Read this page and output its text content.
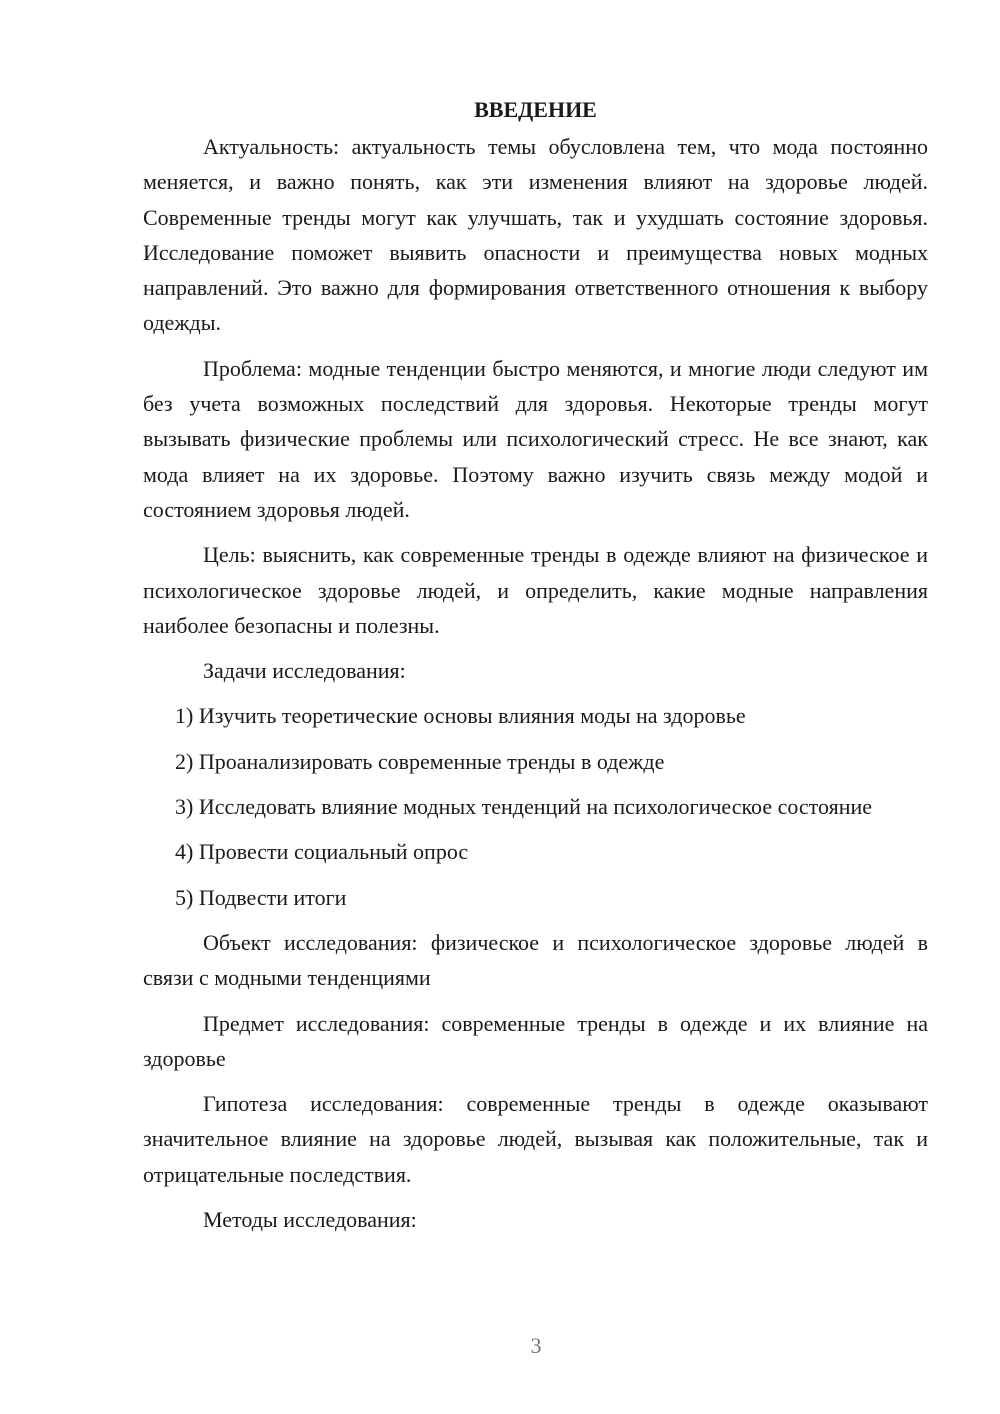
ВВЕДЕНИЕ

Актуальность: актуальность темы обусловлена тем, что мода постоянно меняется, и важно понять, как эти изменения влияют на здоровье людей. Современные тренды могут как улучшать, так и ухудшать состояние здоровья. Исследование поможет выявить опасности и преимущества новых модных направлений. Это важно для формирования ответственного отношения к выбору одежды.

Проблема: модные тенденции быстро меняются, и многие люди следуют им без учета возможных последствий для здоровья. Некоторые тренды могут вызывать физические проблемы или психологический стресс. Не все знают, как мода влияет на их здоровье. Поэтому важно изучить связь между модой и состоянием здоровья людей.

Цель: выяснить, как современные тренды в одежде влияют на физическое и психологическое здоровье людей, и определить, какие модные направления наиболее безопасны и полезны.

Задачи исследования:

1) Изучить теоретические основы влияния моды на здоровье

2) Проанализировать современные тренды в одежде

3) Исследовать влияние модных тенденций на психологическое состояние

4) Провести социальный опрос

5) Подвести итоги

Объект исследования: физическое и психологическое здоровье людей в связи с модными тенденциями

Предмет исследования: современные тренды в одежде и их влияние на здоровье

Гипотеза исследования: современные тренды в одежде оказывают значительное влияние на здоровье людей, вызывая как положительные, так и отрицательные последствия.

Методы исследования:

3
